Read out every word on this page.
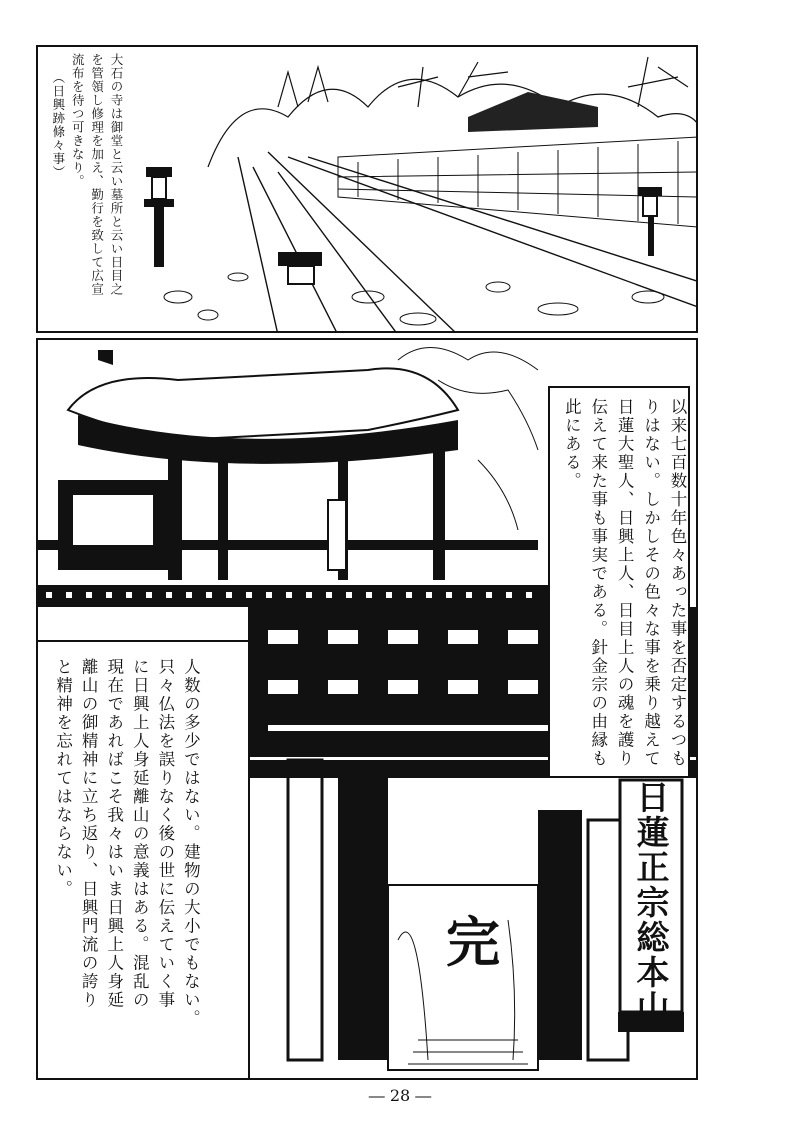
大石の寺は御堂と云い墓所と云い日目之
を管領し修理を加え、勤行を致して広宣
流布を待つ可きなり。
（日興跡條々事）
以来七百数十年色々あった事を否定するつも
りはない。しかしその色々な事を乗り越えて
日蓮大聖人、日興上人、日目上人の魂を護り
伝えて来た事も事実である。針金宗の由縁も
此にある。
人数の多少ではない。建物の大小でもない。
只々仏法を誤りなく後の世に伝えていく事
に日興上人身延離山の意義はある。混乱の
現在であればこそ我々はいま日興上人身延
離山の御精神に立ち返り、日興門流の誇り
と精神を忘れてはならない。
日蓮正宗総本山
完
― 28 ―
